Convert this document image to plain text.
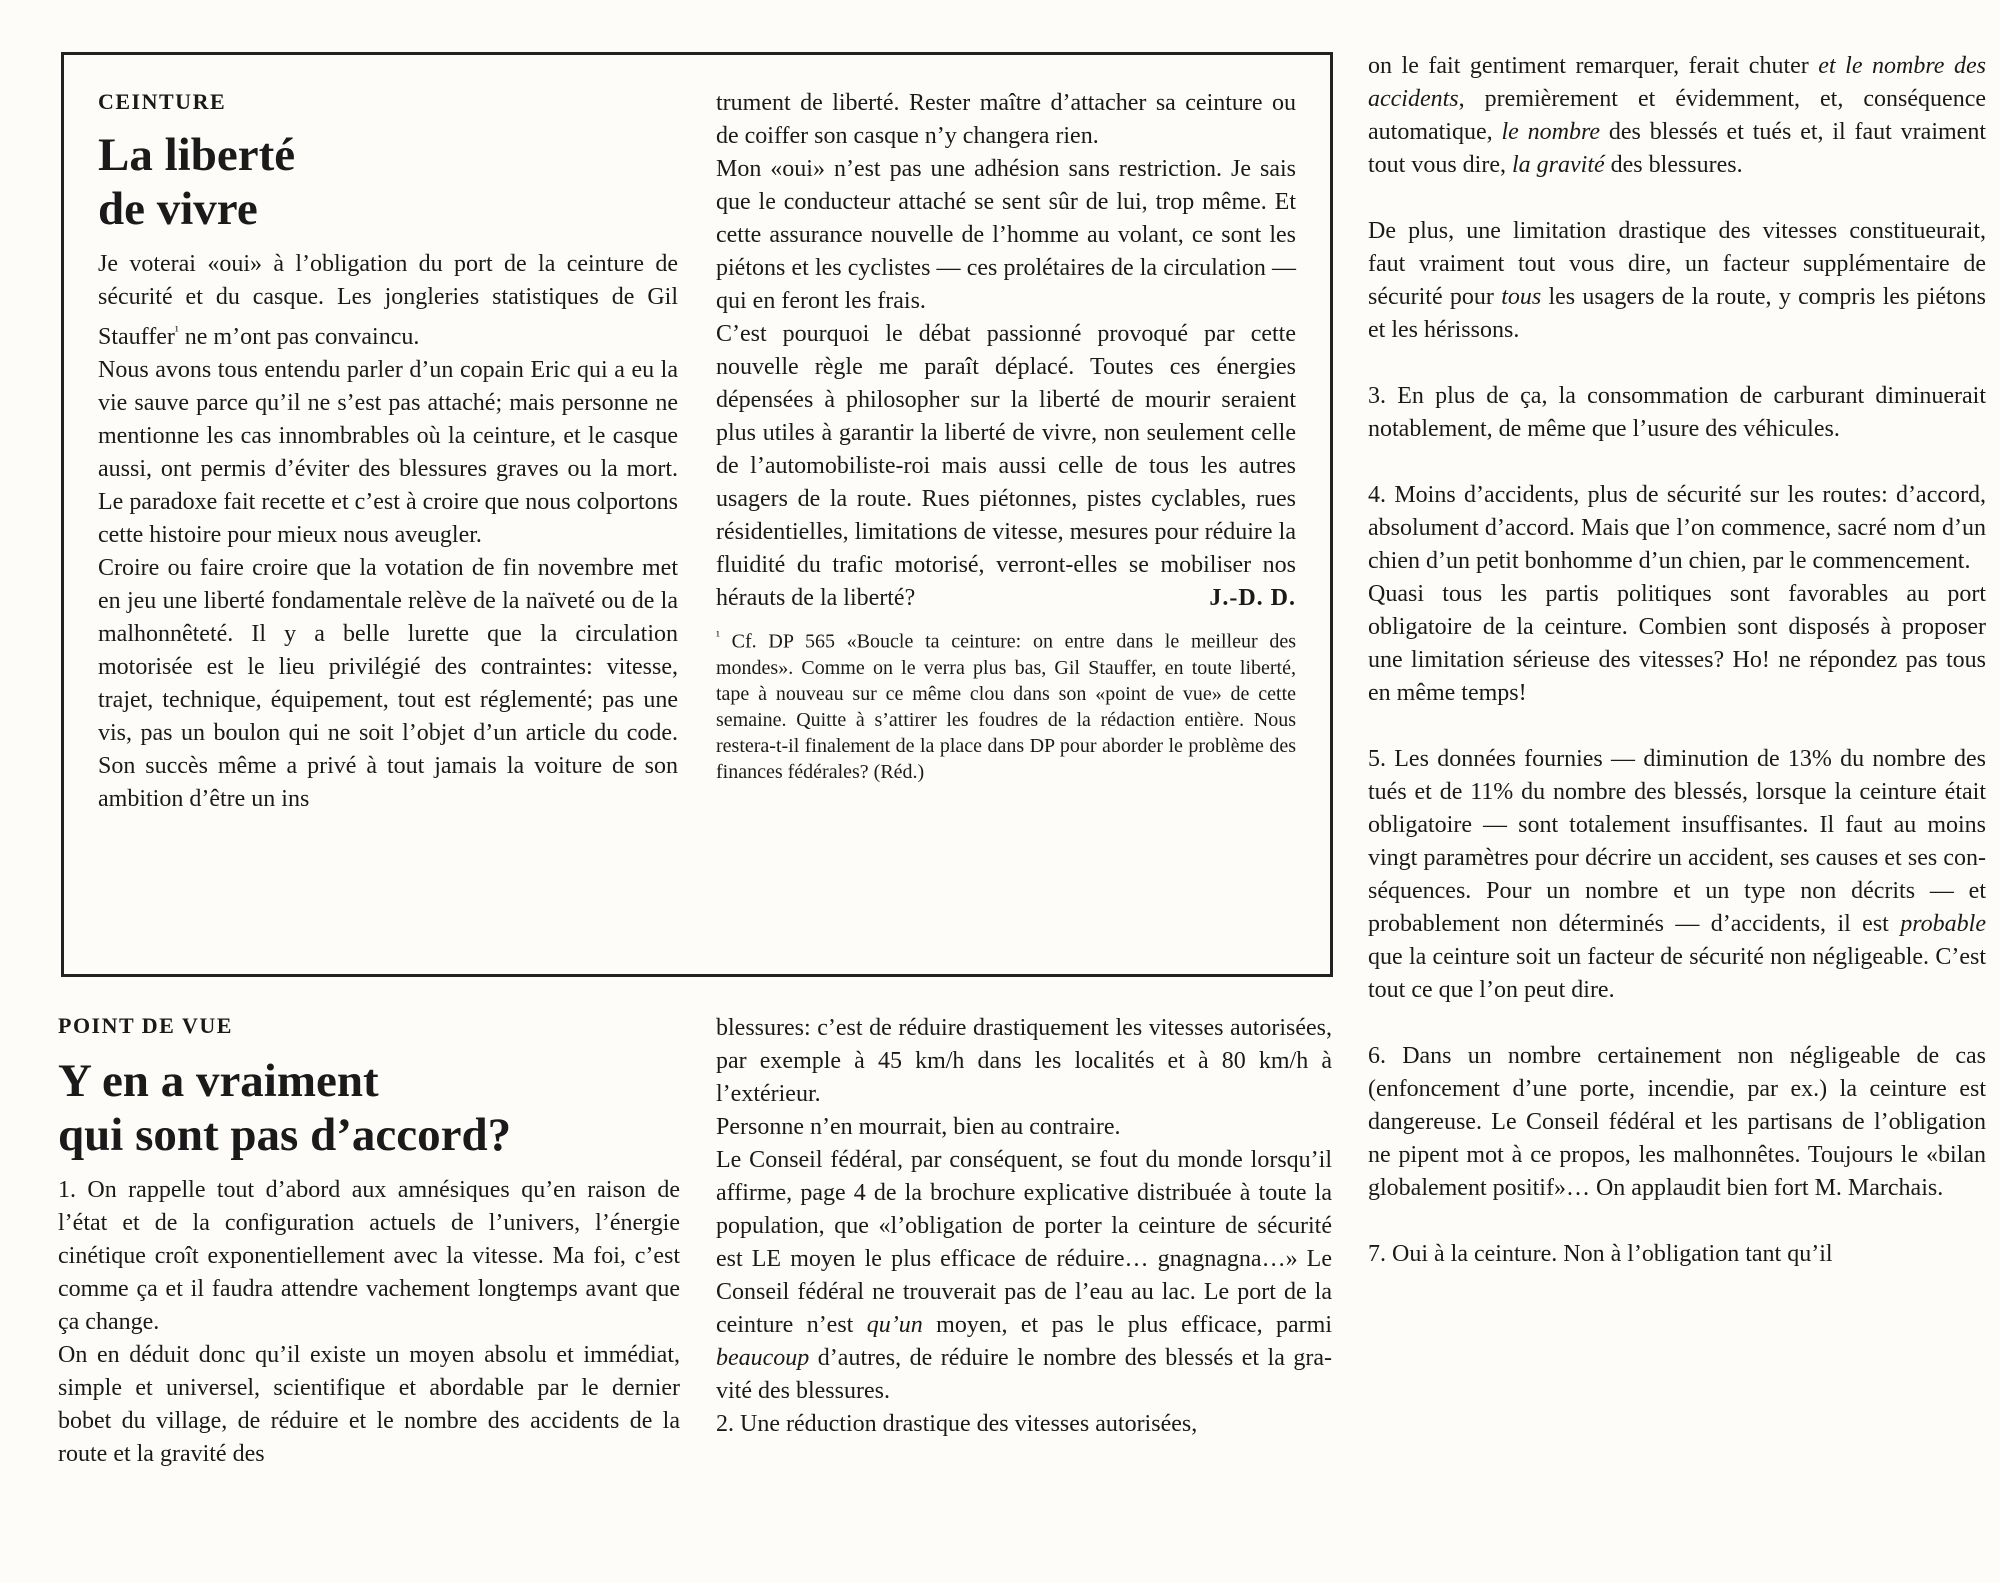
CEINTURE

La liberté
de vivre

Je voterai «oui» à l’obligation du port de la ceinture de sécurité et du casque. Les jongleries statistiques de Gil Stauffer$^{^1}$ ne m’ont pas convaincu.

Nous avons tous entendu parler d’un copain Eric qui a eu la vie sauve parce qu’il ne s’est pas attaché; mais personne ne mentionne les cas innombrables où la ceinture, et le casque aussi, ont permis d’éviter des blessures graves ou la mort. Le paradoxe fait recette et c’est à croire que nous colportons cette histoire pour mieux nous aveugler.

Croire ou faire croire que la votation de fin novembre met en jeu une liberté fondamentale relève de la naïveté ou de la malhonnêteté. Il y a belle lurette que la circulation motorisée est le lieu privilégié des contraintes: vitesse, trajet, technique, équipement, tout est réglementé; pas une vis, pas un boulon qui ne soit l’objet d’un article du code. Son succès même a privé à tout jamais la voiture de son ambition d’être un ins

trument de liberté. Rester maître d’attacher sa ceinture ou de coiffer son casque n’y changera rien.

Mon «oui» n’est pas une adhésion sans restriction. Je sais que le conducteur attaché se sent sûr de lui, trop même. Et cette assurance nouvelle de l’homme au volant, ce sont les piétons et les cyclistes — ces prolétaires de la circulation — qui en feront les frais.

C’est pourquoi le débat passionné provoqué par cette nouvelle règle me paraît déplacé. Toutes ces énergies dépensées à philosopher sur la liberté de mourir seraient plus utiles à garantir la liberté de vivre, non seulement celle de l’automobiliste-roi mais aussi celle de tous les autres usagers de la route. Rues piétonnes, pistes cyclables, rues résidentielles, limitations de vitesse, mesures pour réduire la fluidité du trafic motorisé, verront-elles se mobiliser nos hérauts de la liberté?	J.-D. D.

$^{^1}$ Cf. DP 565 «Boucle ta ceinture: on entre dans le meilleur des mondes». Comme on le verra plus bas, Gil Stauffer, en toute liberté, tape à nouveau sur ce même clou dans son «point de vue» de cette semaine. Quitte à s’attirer les foudres de la rédaction entière. Nous restera-t-il finalement de la place dans DP pour aborder le problème des finances fédérales? (Réd.)

POINT DE VUE

Y en a vraiment
qui sont pas d’accord?

1. On rappelle tout d’abord aux amnésiques qu’en raison de l’état et de la configuration actuels de l’univers, l’énergie cinétique croît exponentiellement avec la vitesse. Ma foi, c’est comme ça et il faudra attendre vachement longtemps avant que ça change.

On en déduit donc qu’il existe un moyen absolu et immédiat, simple et universel, scientifique et abordable par le dernier bobet du village, de réduire et le nombre des accidents de la route et la gravité des

blessures: c’est de réduire drastiquement les vitesses autorisées, par exemple à 45 km/h dans les localités et à 80 km/h à l’extérieur.

Personne n’en mourrait, bien au contraire.

Le Conseil fédéral, par conséquent, se fout du monde lorsqu’il affirme, page 4 de la brochure explicative distribuée à toute la population, que «l’obligation de porter la ceinture de sécurité est LE moyen le plus efficace de réduire… gnagnagna…» Le Conseil fédéral ne trouverait pas de l’eau au lac. Le port de la ceinture n’est qu’un moyen, et pas le plus efficace, parmi beaucoup d’autres, de réduire le nombre des blessés et la gravité des blessures.

2. Une réduction drastique des vitesses autorisées,

on le fait gentiment remarquer, ferait chuter et le nombre des accidents, premièrement et évidemment, et, conséquence automatique, le nombre des blessés et tués et, il faut vraiment tout vous dire, la gravité des blessures.

De plus, une limitation drastique des vitesses constitueurait, faut vraiment tout vous dire, un facteur supplémentaire de sécurité pour tous les usagers de la route, y compris les piétons et les hérissons.

3. En plus de ça, la consommation de carburant diminuerait notablement, de même que l’usure des véhicules.

4. Moins d’accidents, plus de sécurité sur les routes: d’accord, absolument d’accord. Mais que l’on commence, sacré nom d’un chien d’un petit bonhomme d’un chien, par le commencement.

Quasi tous les partis politiques sont favorables au port obligatoire de la ceinture. Combien sont disposés à proposer une limitation sérieuse des vitesses? Ho! ne répondez pas tous en même temps!

5. Les données fournies — diminution de 13% du nombre des tués et de 11% du nombre des blessés, lorsque la ceinture était obligatoire — sont totalement insuffisantes. Il faut au moins vingt paramètres pour décrire un accident, ses causes et ses conséquences. Pour un nombre et un type non décrits — et probablement non déterminés — d’accidents, il est probable que la ceinture soit un facteur de sécurité non négligeable. C’est tout ce que l’on peut dire.

6. Dans un nombre certainement non négligeable de cas (enfoncement d’une porte, incendie, par ex.) la ceinture est dangereuse. Le Conseil fédéral et les partisans de l’obligation ne pipent mot à ce propos, les malhonnêtes. Toujours le «bilan globalement positif»… On applaudit bien fort M. Marchais.

7. Oui à la ceinture. Non à l’obligation tant qu’il
